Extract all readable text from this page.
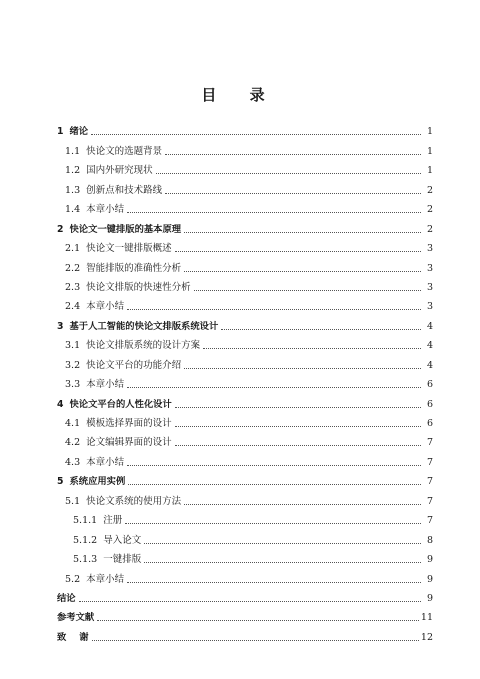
目 录
1 绪论	1
1.1 快论文的选题背景	1
1.2 国内外研究现状	1
1.3 创新点和技术路线	2
1.4 本章小结	2
2 快论文一键排版的基本原理	2
2.1 快论文一键排版概述	3
2.2 智能排版的准确性分析	3
2.3 快论文排版的快速性分析	3
2.4 本章小结	3
3 基于人工智能的快论文排版系统设计	4
3.1 快论文排版系统的设计方案	4
3.2 快论文平台的功能介绍	4
3.3 本章小结	6
4 快论文平台的人性化设计	6
4.1 模板选择界面的设计	6
4.2 论文编辑界面的设计	7
4.3 本章小结	7
5 系统应用实例	7
5.1 快论文系统的使用方法	7
5.1.1 注册	7
5.1.2 导入论文	8
5.1.3 一键排版	9
5.2 本章小结	9
结论	9
参考文献	11
致    谢	12
